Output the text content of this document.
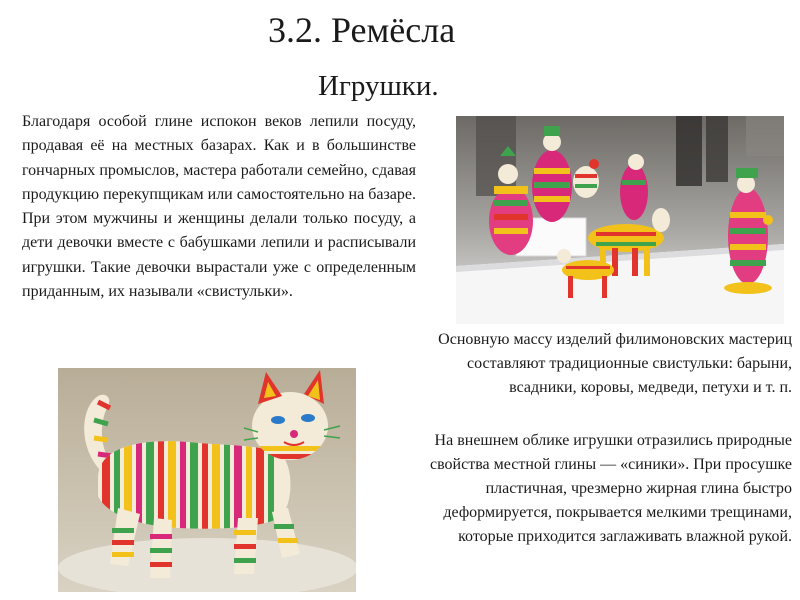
3.2. Ремёсла
Игрушки.

Благодаря особой глине испокон веков лепили посуду, продавая её на местных базарах. Как и в большинстве гончарных промыслов, мастера работали семейно, сдавая продукцию перекупщикам или самостоятельно на базаре. При этом мужчины и женщины делали только посуду, а дети девочки вместе с бабушками лепили и расписывали игрушки. Такие девочки вырастали уже с определенным приданным, их называли «свистульки».

Основную массу изделий филимоновских мастериц составляют традиционные свистульки: барыни, всадники, коровы, медведи, петухи и т. п.

На внешнем облике игрушки отразились природные свойства местной глины — «синики». При просушке пластичная, чрезмерно жирная глина быстро деформируется, покрывается мелкими трещинами, которые приходится заглаживать влажной рукой.
